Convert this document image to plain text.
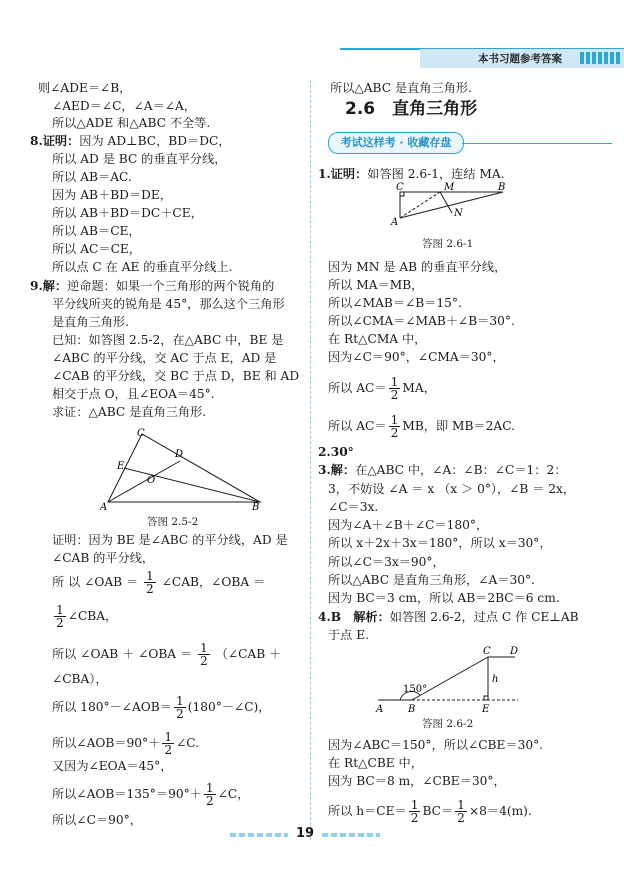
本书习题参考答案
则∠ADE＝∠B，
∠AED＝∠C，∠A＝∠A，
所以△ADE 和△ABC 不全等.
8.证明：因为 AD⊥BC，BD＝DC，
所以 AD 是 BC 的垂直平分线，
所以 AB＝AC.
因为 AB＋BD＝DE，
所以 AB＋BD＝DC＋CE，
所以 AB＝CE，
所以 AC＝CE，
所以点 C 在 AE 的垂直平分线上.
9.解：逆命题：如果一个三角形的两个锐角的
平分线所夹的锐角是 45°，那么这个三角形
是直角三角形.
已知：如答图 2.5-2，在△ABC 中，BE 是
∠ABC 的平分线，交 AC 于点 E，AD 是
∠CAB 的平分线，交 BC 于点 D，BE 和 AD
相交于点 O，且∠EOA＝45°.
求证：△ABC 是直角三角形.
C
D
E
O
A	B
答图 2.5-2
证明：因为 BE 是∠ABC 的平分线，AD 是
∠CAB 的平分线，
所 以 ∠OAB ＝ $\frac{1}{2}$ ∠CAB，∠OBA ＝
$\frac{1}{2}$ ∠CBA，
所以 ∠OAB ＋ ∠OBA ＝ $\frac{1}{2}$ （∠CAB ＋
∠CBA），
所以 180°－∠AOB＝ $\frac{1}{2}$ (180°－∠C)，
所以∠AOB＝90°＋ $\frac{1}{2}$ ∠C.
又因为∠EOA＝45°，
所以∠AOB＝135°＝90°＋ $\frac{1}{2}$ ∠C，
所以∠C＝90°，
所以△ABC 是直角三角形.
2.6　直角三角形
考试这样考 · 收藏存盘
1.证明：如答图 2.6-1，连结 MA.
C	M	B
A
N
答图 2.6-1
因为 MN 是 AB 的垂直平分线，
所以 MA＝MB，
所以∠MAB＝∠B＝15°.
所以∠CMA＝∠MAB＋∠B＝30°.
在 Rt△CMA 中，
因为∠C＝90°，∠CMA＝30°，
所以 $AC= \frac{1}{2}$ MA，
所以 $AC= \frac{1}{2}$ MB，即 MB＝2AC.
2.30°
3.解：在△ABC 中，∠A：∠B：∠C＝1：2：
3，不妨设 ∠A ＝ x （x ＞ 0°），∠B ＝ 2x，
∠C＝3x.
因为∠A＋∠B＋∠C＝180°，
所以 x＋2x＋3x＝180°，所以 x＝30°，
所以∠C＝3x＝90°，
所以△ABC 是直角三角形，∠A＝30°.
因为 BC＝3 cm，所以 AB＝2BC＝6 cm.
4.B　 解析：如答图 2.6-2，过点 C 作 CE⊥AB
于点 E.
C D
h
150°
A B	E
答图 2.6-2
因为∠ABC＝150°，所以∠CBE＝30°.
在 Rt△CBE 中，
因为 BC＝8 m，∠CBE＝30°，
所以 $h=CE= \frac{1}{2} BC= \frac{1}{2} \times 8=4(m)$.
19
